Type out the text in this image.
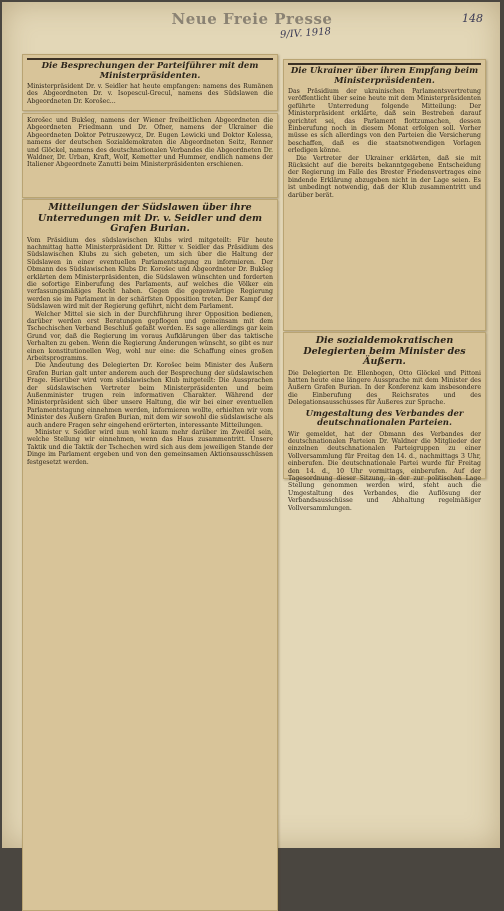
Neue Freie Presse
9/IV. 1918
148

Die Besprechungen der Parteiführer mit dem Ministerpräsidenten.

Ministerpräsident Dr. v. Seidler hat heute empfangen: namens des Rumänen des Abgeordneten Dr. v. Isopescul-Grecul, namens des Südslawen die Abgeordneten Dr. Korošec...

Korošec und Bukšeg, namens der Wiener freiheitlichen Abgeordneten die Abgeordneten Friedmann und Dr. Ofner, namens der Ukrainer die Abgeordneten Doktor Petruszewycz, Dr. Eugen Lewicki und Doktor Kolessa, namens der deutschen Sozialdemokraten die Abgeordneten Seitz, Renner und Glöckel, namens des deutschnationalen Verbandes die Abgeordneten Dr. Waldner, Dr. Urban, Kraft, Wolf, Kemetter und Hummer, endlich namens der Italiener Abgeordnete Zanutti beim Ministerpräsidenten erschienen.

Mitteilungen der Südslawen über ihre Unterredungen mit Dr. v. Seidler und dem Grafen Burian.

Vom Präsidium des südslawischen Klubs wird mitgeteilt: Für heute nachmittag hatte Ministerpräsident Dr. Ritter v. Seidler das Präsidium des Südslawischen Klubs zu sich gebeten, um sich über die Haltung der Südslawen in einer eventuellen Parlamentstagung zu informieren. Der Obmann des Südslawischen Klubs Dr. Korošec und Abgeordneter Dr. Bukšeg erklärten dem Ministerpräsidenten, die Südslawen wünschten und forderten die sofortige Einberufung des Parlaments, auf welches die Völker ein verfassungsmäßiges Recht haben. Gegen die gegenwärtige Regierung werden sie im Parlament in der schärfsten Opposition treten. Der Kampf der Südslawen wird mit der Regierung geführt, nicht dem Parlament.

Welcher Mittel sie sich in der Durchführung ihrer Opposition bedienen, darüber werden erst Beratungen gepflogen und gemeinsam mit dem Tschechischen Verband Beschluß gefaßt werden. Es sage allerdings gar kein Grund vor, daß die Regierung im voraus Aufklärungen über das taktische Verhalten zu geben. Wenn die Regierung Änderungen wünscht, so gibt es nur einen konstitutionellen Weg, wohl nur eine: die Schaffung eines großen Arbeitsprogramms.

Die Andeutung des Delegierten Dr. Korošec beim Minister des Äußern Grafen Burian galt unter anderem auch der Besprechung der südslawischen Frage. Hierüber wird vom südslawischen Klub mitgeteilt: Die Aussprachen der südslawischen Vertreter beim Ministerpräsidenten und beim Außenminister trugen rein informativen Charakter. Während der Ministerpräsident sich über unsere Haltung, die wir bei einer eventuellen Parlamentstagung einnehmen werden, informieren wollte, erhielten wir vom Minister des Äußern Grafen Burian, mit dem wir sowohl die südslawische als auch andere Fragen sehr eingehend erörterten, interessante Mitteilungen.

Minister v. Seidler wird nun wohl kaum mehr darüber im Zweifel sein, welche Stellung wir einnehmen, wenn das Haus zusammentritt. Unsere Taktik und die Taktik der Tschechen wird sich aus dem jeweiligen Stande der Dinge im Parlament ergeben und von den gemeinsamen Aktionsausschüssen festgesetzt werden.

Die Ukrainer über ihren Empfang beim Ministerpräsidenten.

Das Präsidium der ukrainischen Parlamentsvertretung veröffentlicht über seine heute mit dem Ministerpräsidenten geführte Unterredung folgende Mitteilung: Der Ministerpräsident erklärte, daß sein Bestreben darauf gerichtet sei, das Parlament flottzumachen, dessen Einberufung noch in diesem Monat erfolgen soll. Vorher müsse es sich allerdings von den Parteien die Versicherung beschaffen, daß es die staatsnotwendigen Vorlagen erledigen könne.

Die Vertreter der Ukrainer erklärten, daß sie mit Rücksicht auf die bereits bekanntgegebene Entscheidung der Regierung im Falle des Brester Friedensvertrages eine bindende Erklärung abzugeben nicht in der Lage seien. Es ist unbedingt notwendig, daß der Klub zusammentritt und darüber berät.

Die sozialdemokratischen Delegierten beim Minister des Äußern.

Die Delegierten Dr. Ellenbogen, Otto Glöckel und Pittoni hatten heute eine längere Aussprache mit dem Minister des Äußern Grafen Burian. In der Konferenz kam insbesondere die Einberufung des Reichsrates und des Delegationsausschusses für Äußeres zur Sprache.

Umgestaltung des Verbandes der deutschnationalen Parteien.

Wir gemeldet, hat der Obmann des Verbandes der deutschnationalen Parteien Dr. Waldner die Mitglieder der einzelnen deutschnationalen Parteigruppen zu einer Vollversammlung für Freitag den 14. d., nachmittags 3 Uhr, einberufen. Die deutschnationale Partei wurde für Freitag den 14. d., 10 Uhr vormittags, einberufen. Auf der Tagesordnung dieser Sitzung, in der zur politischen Lage Stellung genommen werden wird, steht auch die Umgestaltung des Verbandes, die Auflösung der Verbandsausschüsse und Abhaltung regelmäßiger Vollversammlungen.
